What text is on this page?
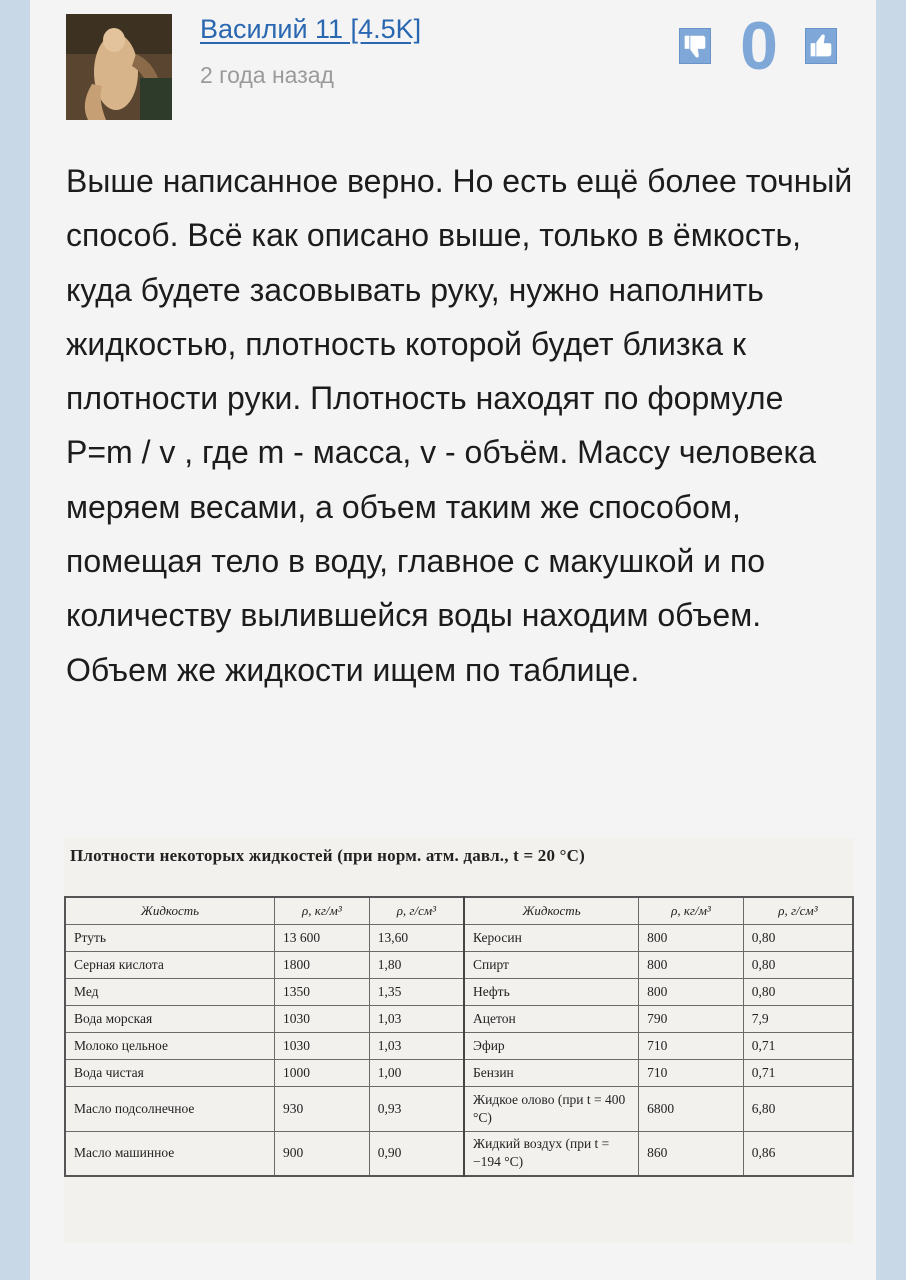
Василий 11 [4.5K]
2 года назад	0
Выше написанное верно. Но есть ещё более точный способ. Всё как описано выше, только в ёмкость, куда будете засовывать руку, нужно наполнить жидкостью, плотность которой будет близка к плотности руки. Плотность находят по формуле Р=m / v , где m - масса, v - объём. Массу человека меряем весами, а объем таким же способом, помещая тело в воду, главное с макушкой и по количеству вылившейся воды находим объем. Объем же жидкости ищем по таблице.
Плотности некоторых жидкостей (при норм. атм. давл., t = 20 °C)
Жидкость	ρ, кг/м³	ρ, г/см³	Жидкость	ρ, кг/м³	ρ, г/см³
Ртуть	13 600	13,60	Керосин	800	0,80
Серная кислота	1800	1,80	Спирт	800	0,80
Мед	1350	1,35	Нефть	800	0,80
Вода морская	1030	1,03	Ацетон	790	7,9
Молоко цельное	1030	1,03	Эфир	710	0,71
Вода чистая	1000	1,00	Бензин	710	0,71
Масло подсолнечное	930	0,93	Жидкое олово (при t = 400 °C)	6800	6,80
Масло машинное	900	0,90	Жидкий воздух (при t = −194 °C)	860	0,86
